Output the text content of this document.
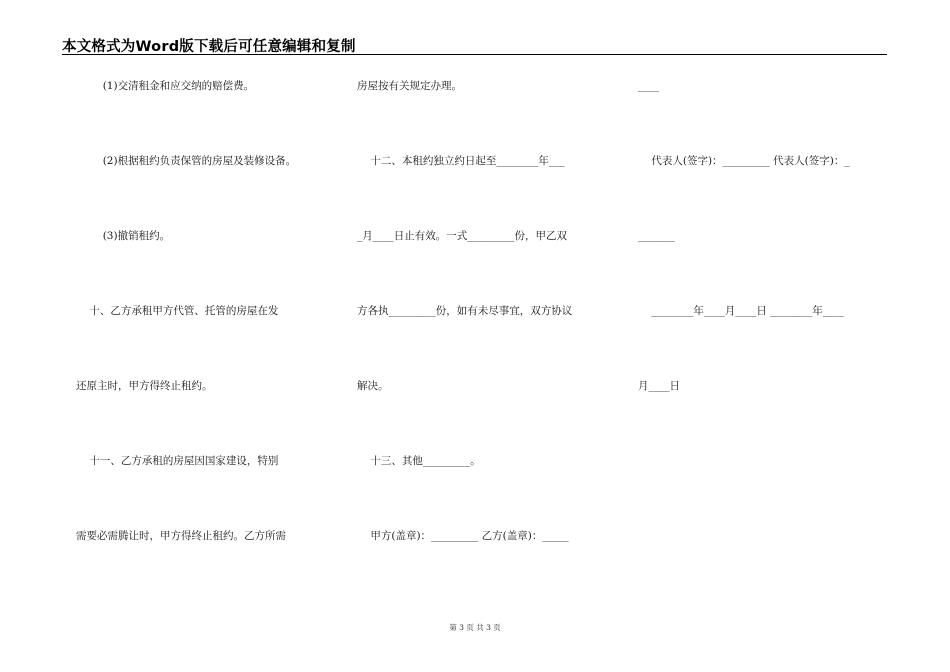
本文格式为Word版下载后可任意编辑和复制
(1)交清租金和应交纳的赔偿费。
(2)根据租约负责保管的房屋及装修设备。
(3)撤销租约。
十、乙方承租甲方代管、托管的房屋在发
还原主时，甲方得终止租约。
十一、乙方承租的房屋因国家建设，特别
需要必需腾让时，甲方得终止租约。乙方所需
房屋按有关规定办理。
十二、本租约独立约日起至________年___
_月____日止有效。一式_________份，甲乙双
方各执_________份，如有未尽事宜，双方协议
解决。
十三、其他_________。
甲方(盖章)：_________ 乙方(盖章)：_____
____
代表人(签字)：_________ 代表人(签字)：_
_______
________年____月____日 ________年____
月____日
第 3 页 共 3 页
